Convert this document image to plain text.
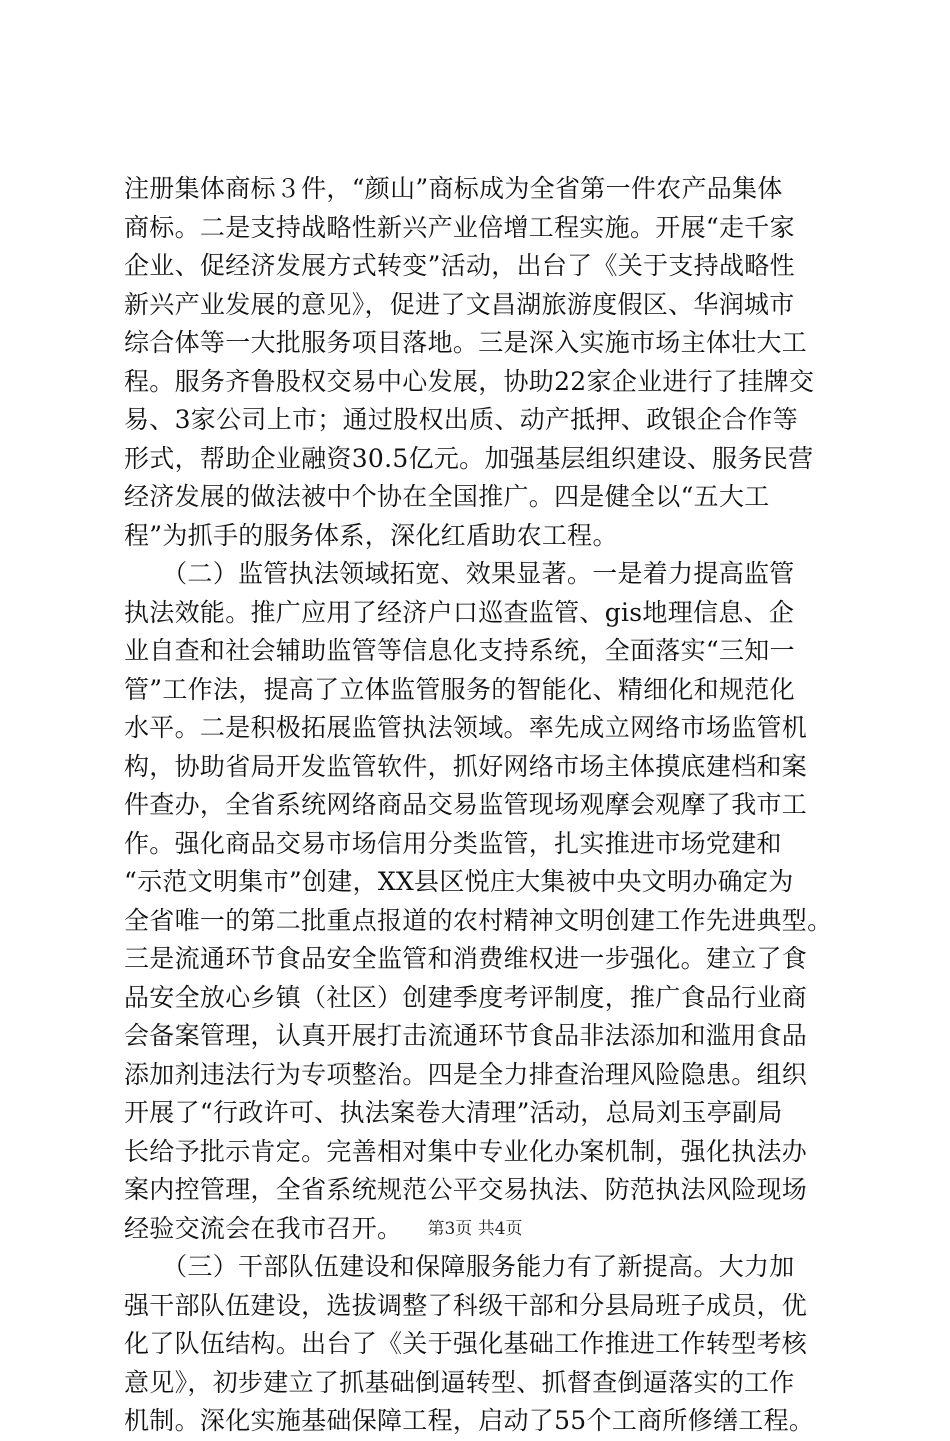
注册集体商标３件，“颜山”商标成为全省第一件农产品集体
商标。二是支持战略性新兴产业倍增工程实施。开展“走千家
企业、促经济发展方式转变”活动，出台了《关于支持战略性
新兴产业发展的意见》，促进了文昌湖旅游度假区、华润城市
综合体等一大批服务项目落地。三是深入实施市场主体壮大工
程。服务齐鲁股权交易中心发展，协助22家企业进行了挂牌交
易、3家公司上市；通过股权出质、动产抵押、政银企合作等
形式，帮助企业融资30.5亿元。加强基层组织建设、服务民营
经济发展的做法被中个协在全国推广。四是健全以“五大工
程”为抓手的服务体系，深化红盾助农工程。
　　（二）监管执法领域拓宽、效果显著。一是着力提高监管
执法效能。推广应用了经济户口巡查监管、gis地理信息、企
业自查和社会辅助监管等信息化支持系统，全面落实“三知一
管”工作法，提高了立体监管服务的智能化、精细化和规范化
水平。二是积极拓展监管执法领域。率先成立网络市场监管机
构，协助省局开发监管软件，抓好网络市场主体摸底建档和案
件查办，全省系统网络商品交易监管现场观摩会观摩了我市工
作。强化商品交易市场信用分类监管，扎实推进市场党建和
“示范文明集市”创建，XX县区悦庄大集被中央文明办确定为
全省唯一的第二批重点报道的农村精神文明创建工作先进典型。
三是流通环节食品安全监管和消费维权进一步强化。建立了食
品安全放心乡镇（社区）创建季度考评制度，推广食品行业商
会备案管理，认真开展打击流通环节食品非法添加和滥用食品
添加剂违法行为专项整治。四是全力排查治理风险隐患。组织
开展了“行政许可、执法案卷大清理”活动，总局刘玉亭副局
长给予批示肯定。完善相对集中专业化办案机制，强化执法办
案内控管理，全省系统规范公平交易执法、防范执法风险现场
经验交流会在我市召开。
　　（三）干部队伍建设和保障服务能力有了新提高。大力加
强干部队伍建设，选拔调整了科级干部和分县局班子成员，优
化了队伍结构。出台了《关于强化基础工作推进工作转型考核
意见》，初步建立了抓基础倒逼转型、抓督查倒逼落实的工作
机制。深化实施基础保障工程，启动了55个工商所修缮工程。
第3页 共4页
